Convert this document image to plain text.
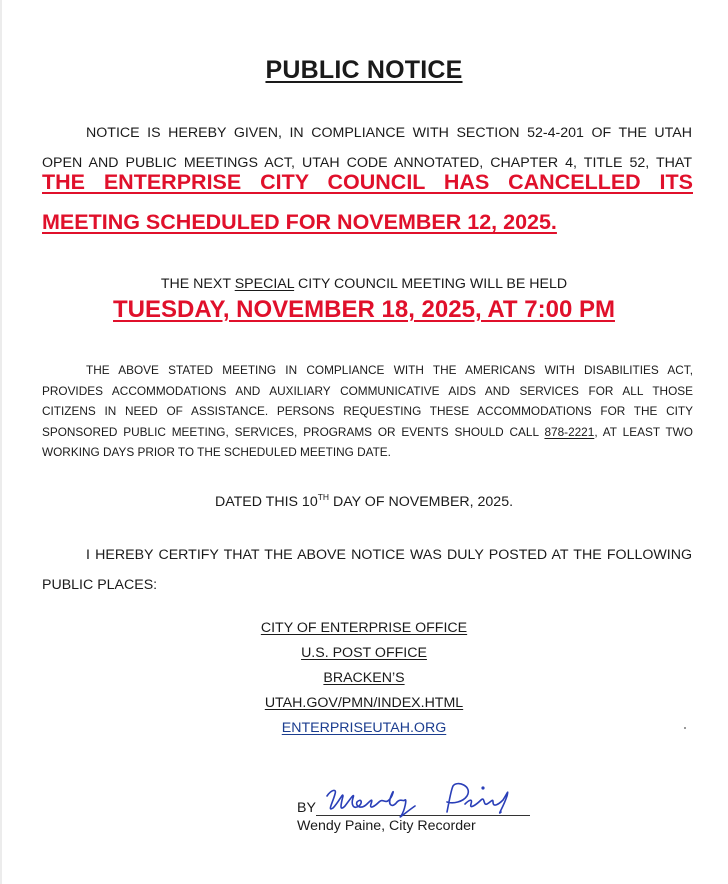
PUBLIC NOTICE
NOTICE IS HEREBY GIVEN, IN COMPLIANCE WITH SECTION 52-4-201 OF THE UTAH
OPEN AND PUBLIC MEETINGS ACT, UTAH CODE ANNOTATED, CHAPTER 4, TITLE 52, THAT
THE ENTERPRISE CITY COUNCIL HAS CANCELLED ITS
MEETING SCHEDULED FOR NOVEMBER 12, 2025.
THE NEXT SPECIAL CITY COUNCIL MEETING WILL BE HELD
TUESDAY, NOVEMBER 18, 2025, AT 7:00 PM
THE ABOVE STATED MEETING IN COMPLIANCE WITH THE AMERICANS WITH DISABILITIES ACT,
PROVIDES ACCOMMODATIONS AND AUXILIARY COMMUNICATIVE AIDS AND SERVICES FOR ALL THOSE
CITIZENS IN NEED OF ASSISTANCE. PERSONS REQUESTING THESE ACCOMMODATIONS FOR THE CITY
SPONSORED PUBLIC MEETING, SERVICES, PROGRAMS OR EVENTS SHOULD CALL 878-2221, AT LEAST TWO
WORKING DAYS PRIOR TO THE SCHEDULED MEETING DATE.
DATED THIS 10TH DAY OF NOVEMBER, 2025.
I HEREBY CERTIFY THAT THE ABOVE NOTICE WAS DULY POSTED AT THE FOLLOWING
PUBLIC PLACES:
CITY OF ENTERPRISE OFFICE
U.S. POST OFFICE
BRACKEN’S
UTAH.GOV/PMN/INDEX.HTML
ENTERPRISEUTAH.ORG
BY
Wendy Paine, City Recorder
